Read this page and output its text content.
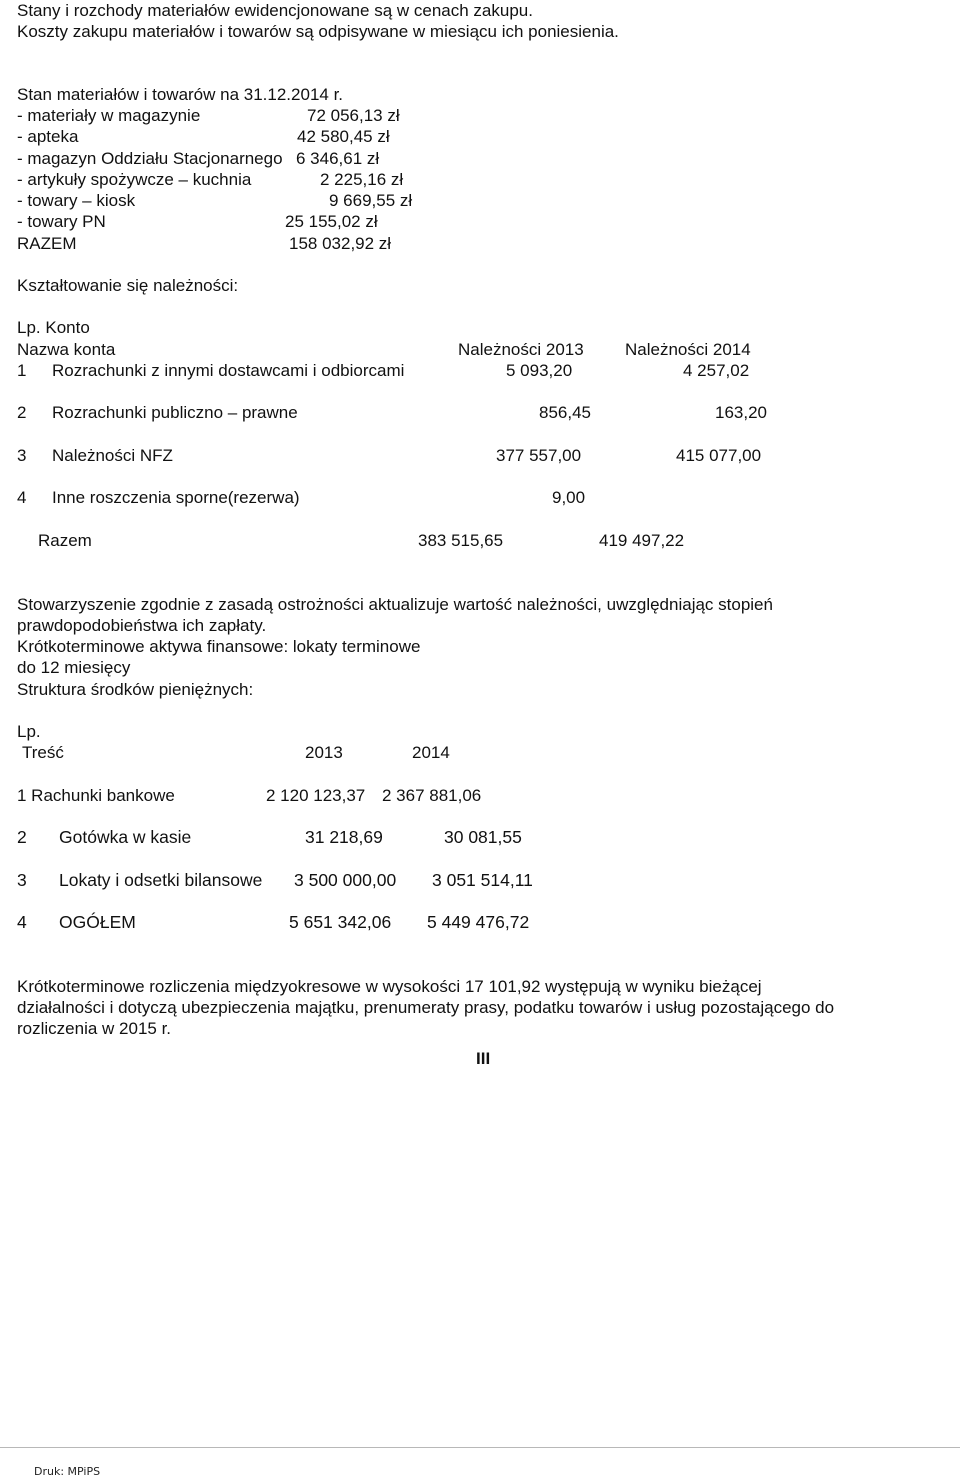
Stany i rozchody materiałów ewidencjonowane są w cenach zakupu.
Koszty zakupu materiałów i towarów są odpisywane w miesiącu ich poniesienia.
Stan materiałów i towarów na 31.12.2014 r.
- materiały w magazynie	72 056,13 zł
- apteka	42 580,45 zł
- magazyn Oddziału Stacjonarnego 6 346,61 zł
- artykuły spożywcze – kuchnia	2 225,16 zł
- towary – kiosk	9 669,55 zł
- towary PN	25 155,02 zł
RAZEM	158 032,92 zł
Kształtowanie się należności:
Lp. Konto
Nazwa konta	Należności 2013 Należności 2014
1 Rozrachunki z innymi dostawcami i odbiorcami	5 093,20	4 257,02
2 Rozrachunki publiczno – prawne	856,45	163,20
3 Należności NFZ	377 557,00	415 077,00
4 Inne roszczenia sporne(rezerwa)	9,00
Razem	383 515,65	419 497,22
Stowarzyszenie zgodnie z zasadą ostrożności aktualizuje wartość należności, uwzględniając stopień
prawdopodobieństwa ich zapłaty.
Krótkoterminowe aktywa finansowe: lokaty terminowe
do 12 miesięcy
Struktura środków pieniężnych:
Lp.
Treść	2013	2014
1 Rachunki bankowe	2 120 123,37 2 367 881,06
2 Gotówka w kasie	31 218,69	30 081,55
3 Lokaty i odsetki bilansowe 3 500 000,00 3 051 514,11
4 OGÓŁEM	5 651 342,06 5 449 476,72
Krótkoterminowe rozliczenia międzyokresowe w wysokości 17 101,92 występują w wyniku bieżącej
działalności i dotyczą ubezpieczenia majątku, prenumeraty prasy, podatku towarów i usług pozostającego do
rozliczenia w 2015 r.
III
Druk: MPiPS
